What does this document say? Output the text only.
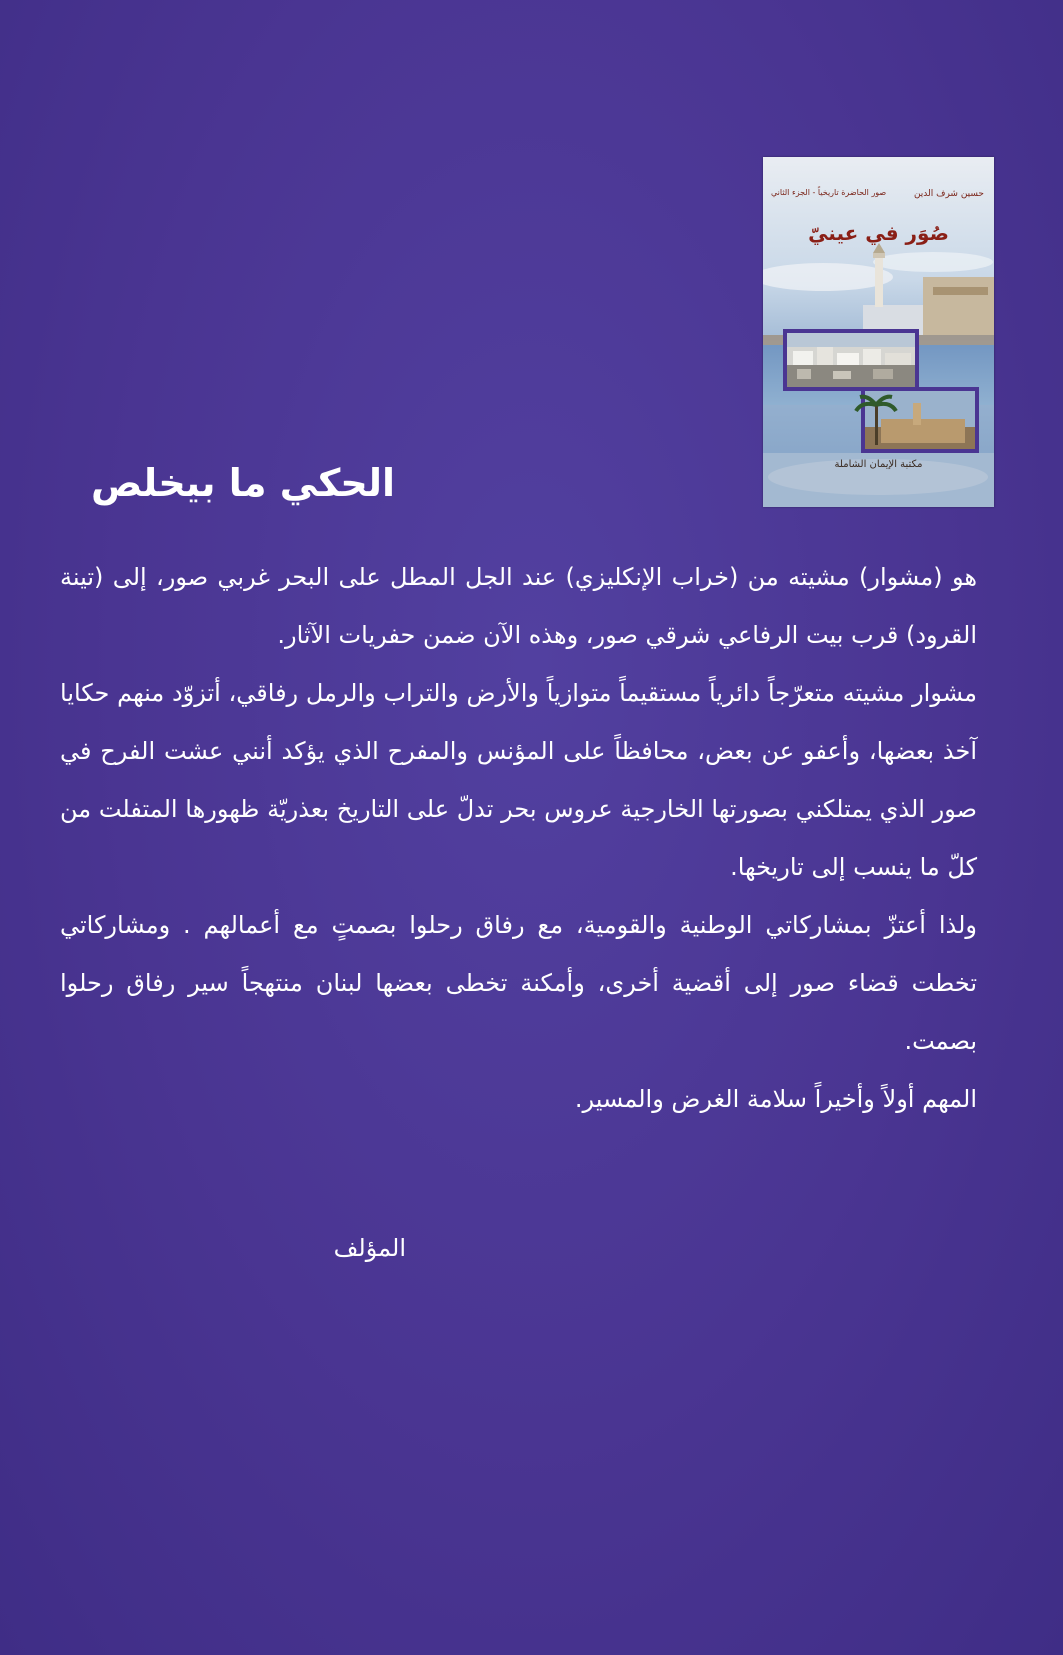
حسين شرف الدين
صور الحاضرة تاريخياً - الجزء الثاني
صُوَر في عينيّ
مكتبة الإيمان الشاملة
الحكي ما بيخلص

هو (مشوار) مشيته من (خراب الإنكليزي) عند الجل المطل على البحر غربي صور، إلى (تينة القرود) قرب بيت الرفاعي شرقي صور، وهذه الآن ضمن حفريات الآثار.

مشوار مشيته متعرّجاً دائرياً مستقيماً متوازياً والأرض والتراب والرمل رفاقي، أتزوّد منهم حكايا آخذ بعضها، وأعفو عن بعض، محافظاً على المؤنس والمفرح الذي يؤكد أنني عشت الفرح في صور الذي يمتلكني بصورتها الخارجية عروس بحر تدلّ على التاريخ بعذريّة ظهورها المتفلت من كلّ ما ينسب إلى تاريخها.

ولذا أعتزّ بمشاركاتي الوطنية والقومية، مع رفاق رحلوا بصمتٍ مع أعمالهم . ومشاركاتي تخطت قضاء صور إلى أقضية أخرى، وأمكنة تخطى بعضها لبنان منتهجاً سير رفاق رحلوا بصمت.

المهم أولاً وأخيراً سلامة الغرض والمسير.

المؤلف
